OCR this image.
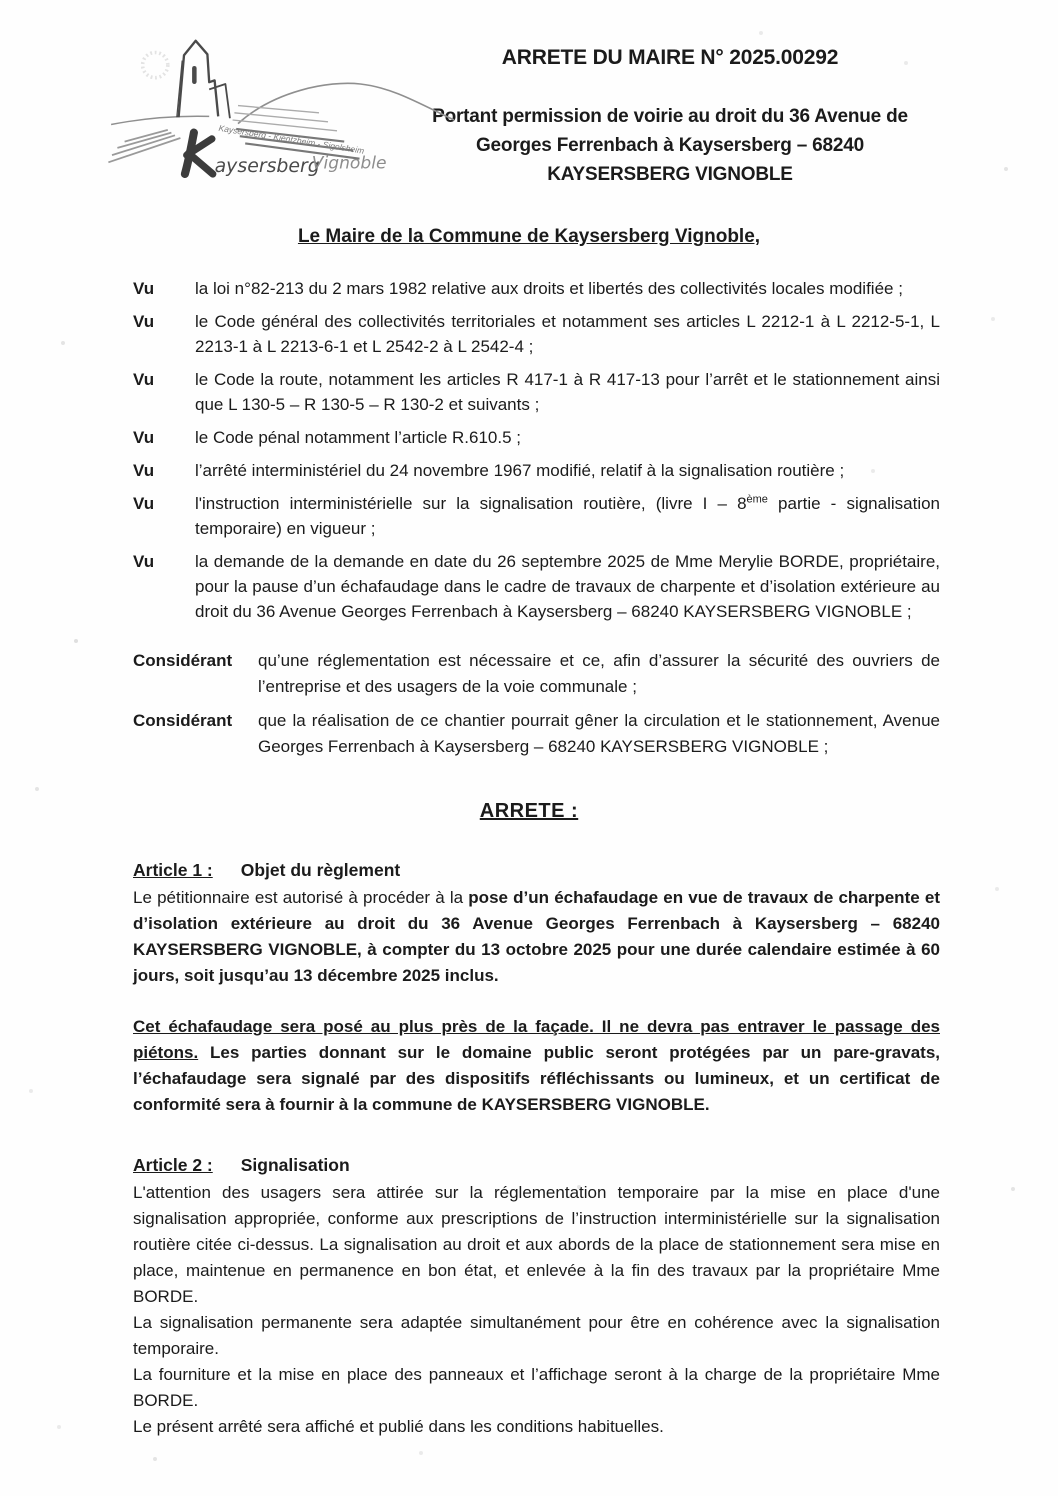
Kaysersberg - Kientzheim - Sigolsheim
aysersberg
Vignoble
ARRETE DU MAIRE N° 2025.00292
Portant permission de voirie au droit du 36 Avenue de Georges Ferrenbach à Kaysersberg – 68240 KAYSERSBERG VIGNOBLE
Le Maire de la Commune de Kaysersberg Vignoble,
Vu	la loi n°82-213 du 2 mars 1982 relative aux droits et libertés des collectivités locales modifiée ;
Vu	le Code général des collectivités territoriales et notamment ses articles L 2212-1 à L 2212-5-1, L 2213-1 à L 2213-6-1 et L 2542-2 à L 2542-4 ;
Vu	le Code la route, notamment les articles R 417-1 à R 417-13 pour l’arrêt et le stationnement ainsi que L 130-5 – R 130-5 – R 130-2 et suivants ;
Vu	le Code pénal notamment l’article R.610.5 ;
Vu	l’arrêté interministériel du 24 novembre 1967 modifié, relatif à la signalisation routière ;
Vu	l'instruction interministérielle sur la signalisation routière, (livre I – 8ème partie - signalisation temporaire) en vigueur ;
Vu	la demande de la demande en date du 26 septembre 2025 de Mme Merylie BORDE, propriétaire, pour la pause d’un échafaudage dans le cadre de travaux de charpente et d’isolation extérieure au droit du 36 Avenue Georges Ferrenbach à Kaysersberg – 68240 KAYSERSBERG VIGNOBLE ;
Considérant	qu’une réglementation est nécessaire et ce, afin d’assurer la sécurité des ouvriers de l’entreprise et des usagers de la voie communale ;
Considérant	que la réalisation de ce chantier pourrait gêner la circulation et le stationnement, Avenue Georges Ferrenbach à Kaysersberg – 68240 KAYSERSBERG VIGNOBLE ;
ARRETE :

Article 1 : Objet du règlement

Le pétitionnaire est autorisé à procéder à la pose d’un échafaudage en vue de travaux de charpente et d’isolation extérieure au droit du 36 Avenue Georges Ferrenbach à Kaysersberg – 68240 KAYSERSBERG VIGNOBLE, à compter du 13 octobre 2025 pour une durée calendaire estimée à 60 jours, soit jusqu’au 13 décembre 2025 inclus.

Cet échafaudage sera posé au plus près de la façade. Il ne devra pas entraver le passage des piétons. Les parties donnant sur le domaine public seront protégées par un pare-gravats, l’échafaudage sera signalé par des dispositifs réfléchissants ou lumineux, et un certificat de conformité sera à fournir à la commune de KAYSERSBERG VIGNOBLE.

Article 2 : Signalisation

L'attention des usagers sera attirée sur la réglementation temporaire par la mise en place d'une signalisation appropriée, conforme aux prescriptions de l’instruction interministérielle sur la signalisation routière citée ci-dessus. La signalisation au droit et aux abords de la place de stationnement sera mise en place, maintenue en permanence en bon état, et enlevée à la fin des travaux par la propriétaire Mme BORDE.

La signalisation permanente sera adaptée simultanément pour être en cohérence avec la signalisation temporaire.

La fourniture et la mise en place des panneaux et l’affichage seront à la charge de la propriétaire Mme BORDE.

Le présent arrêté sera affiché et publié dans les conditions habituelles.
